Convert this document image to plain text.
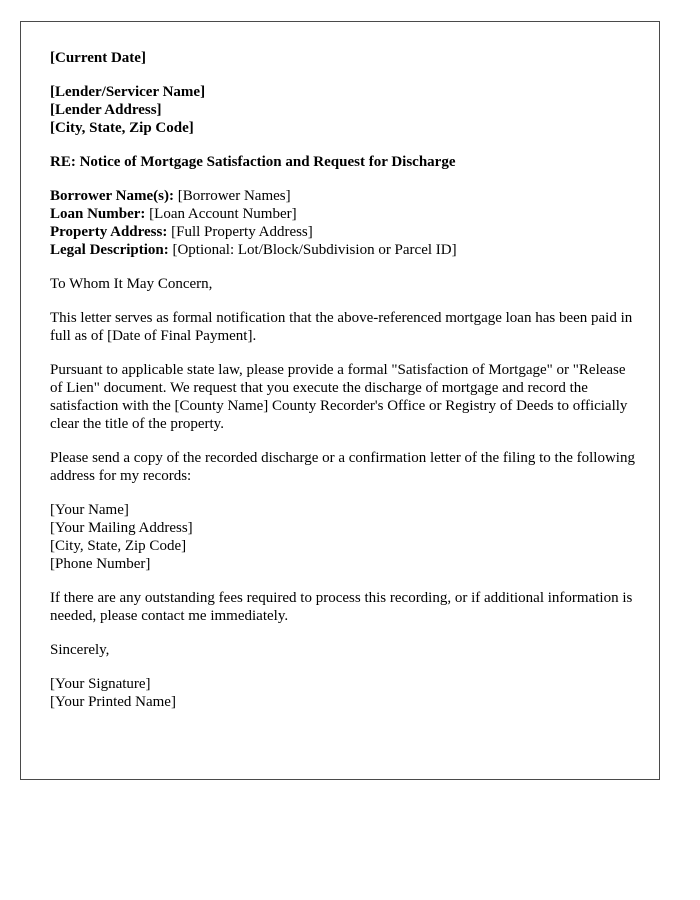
[Current Date]
[Lender/Servicer Name]
[Lender Address]
[City, State, Zip Code]
RE: Notice of Mortgage Satisfaction and Request for Discharge
Borrower Name(s): [Borrower Names]
Loan Number: [Loan Account Number]
Property Address: [Full Property Address]
Legal Description: [Optional: Lot/Block/Subdivision or Parcel ID]

To Whom It May Concern,

This letter serves as formal notification that the above-referenced mortgage loan has been paid in full as of [Date of Final Payment].

Pursuant to applicable state law, please provide a formal "Satisfaction of Mortgage" or "Release of Lien" document. We request that you execute the discharge of mortgage and record the satisfaction with the [County Name] County Recorder's Office or Registry of Deeds to officially clear the title of the property.

Please send a copy of the recorded discharge or a confirmation letter of the filing to the following address for my records:

[Your Name]
[Your Mailing Address]
[City, State, Zip Code]
[Phone Number]

If there are any outstanding fees required to process this recording, or if additional information is needed, please contact me immediately.

Sincerely,

[Your Signature]
[Your Printed Name]
